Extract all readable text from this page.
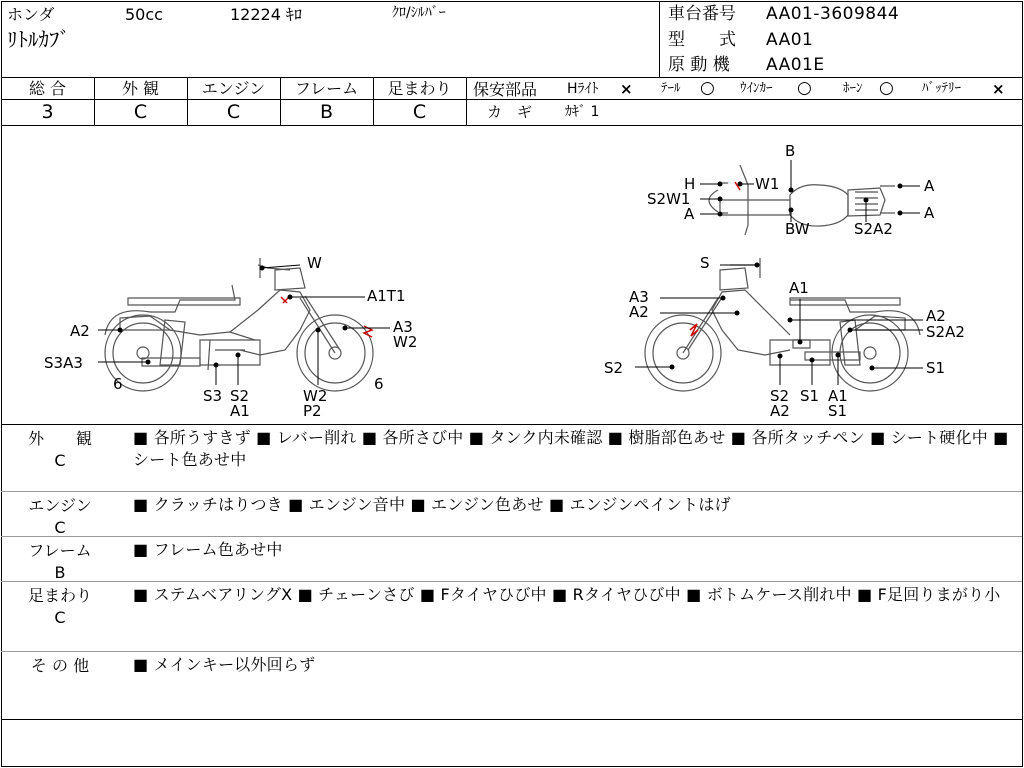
ホンダ	50cc	12224 ｷﾛ	ｸﾛ/ｼﾙﾊﾞｰ
ﾘﾄﾙｶﾌﾞ
車台番号 AA01-3609844
型　　式 AA01
原 動 機 AA01E
総 合
3
外 観
C
エンジン
C
フレーム
B
足まわり
C
保安部品 Hﾗｲﾄ × ﾃｰﾙ ○ ｳｲﾝｶｰ ○ ﾎｰﾝ ○ ﾊﾞｯﾃﾘｰ ×
カ　ギ ｶｷﾞ 1
W
A1T1
A2	A3
W2
S3A3
6
S3 S2
A1
W2
P2
6
S
A1
A3
A2	A2
S2A2
S2	S1
S2 S1 A1
A2	S1
B
H	W1
S2W1
A
BW	S2A2
A
A
外　　観
C
■ 各所うすきず ■ レバー削れ ■ 各所さび中 ■ タンク内未確認 ■ 樹脂部色あせ ■ 各所タッチペン ■ シート硬化中 ■ シート色あせ中
エンジン
C
■ クラッチはりつき ■ エンジン音中 ■ エンジン色あせ ■ エンジンペイントはげ
フレーム
B
■ フレーム色あせ中
足まわり
C
■ ステムベアリングX ■ チェーンさび ■ Fタイヤひび中 ■ Rタイヤひび中 ■ ボトムケース削れ中 ■ F足回りまがり小
そ の 他	■ メインキー以外回らず
